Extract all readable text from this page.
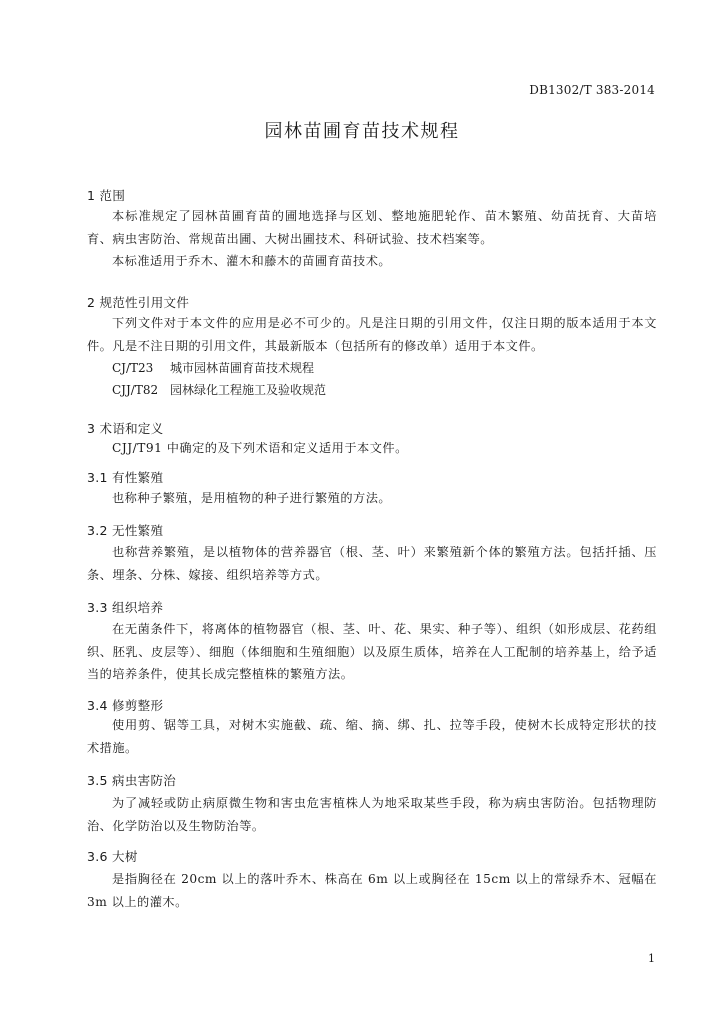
DB1302/T 383-2014
园林苗圃育苗技术规程
1 范围
本标准规定了园林苗圃育苗的圃地选择与区划、整地施肥轮作、苗木繁殖、幼苗抚育、大苗培育、病虫害防治、常规苗出圃、大树出圃技术、科研试验、技术档案等。
本标准适用于乔木、灌木和藤木的苗圃育苗技术。
2 规范性引用文件
下列文件对于本文件的应用是必不可少的。凡是注日期的引用文件，仅注日期的版本适用于本文件。凡是不注日期的引用文件，其最新版本（包括所有的修改单）适用于本文件。
CJ/T23 城市园林苗圃育苗技术规程
CJJ/T82 园林绿化工程施工及验收规范
3 术语和定义
CJJ/T91 中确定的及下列术语和定义适用于本文件。
3.1 有性繁殖
也称种子繁殖，是用植物的种子进行繁殖的方法。
3.2 无性繁殖
也称营养繁殖，是以植物体的营养器官（根、茎、叶）来繁殖新个体的繁殖方法。包括扦插、压条、埋条、分株、嫁接、组织培养等方式。
3.3 组织培养
在无菌条件下，将离体的植物器官（根、茎、叶、花、果实、种子等）、组织（如形成层、花药组织、胚乳、皮层等）、细胞（体细胞和生殖细胞）以及原生质体，培养在人工配制的培养基上，给予适当的培养条件，使其长成完整植株的繁殖方法。
3.4 修剪整形
使用剪、锯等工具，对树木实施截、疏、缩、摘、绑、扎、拉等手段，使树木长成特定形状的技术措施。
3.5 病虫害防治
为了减轻或防止病原微生物和害虫危害植株人为地采取某些手段，称为病虫害防治。包括物理防治、化学防治以及生物防治等。
3.6 大树
是指胸径在 20cm 以上的落叶乔木、株高在 6m 以上或胸径在 15cm 以上的常绿乔木、冠幅在 3m 以上的灌木。
1
